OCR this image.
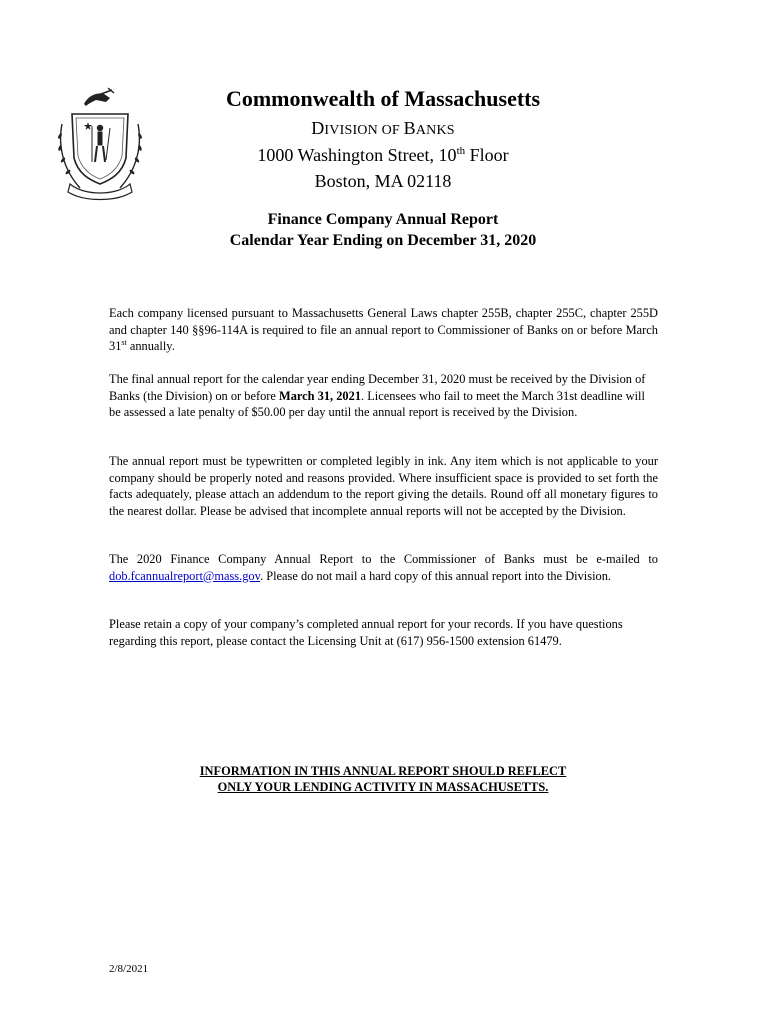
Commonwealth of Massachusetts
DIVISION OF BANKS
1000 Washington Street, 10th Floor
Boston, MA 02118
Finance Company Annual Report
Calendar Year Ending on December 31, 2020

Each company licensed pursuant to Massachusetts General Laws chapter 255B, chapter 255C, chapter 255D and chapter 140 §§96-114A is required to file an annual report to Commissioner of Banks on or before March 31st annually.

The final annual report for the calendar year ending December 31, 2020 must be received by the Division of Banks (the Division) on or before March 31, 2021. Licensees who fail to meet the March 31st deadline will be assessed a late penalty of $50.00 per day until the annual report is received by the Division.

The annual report must be typewritten or completed legibly in ink. Any item which is not applicable to your company should be properly noted and reasons provided. Where insufficient space is provided to set forth the facts adequately, please attach an addendum to the report giving the details. Round off all monetary figures to the nearest dollar. Please be advised that incomplete annual reports will not be accepted by the Division.

The 2020 Finance Company Annual Report to the Commissioner of Banks must be e-mailed to dob.fcannualreport@mass.gov. Please do not mail a hard copy of this annual report into the Division.

Please retain a copy of your company’s completed annual report for your records. If you have questions regarding this report, please contact the Licensing Unit at (617) 956-1500 extension 61479.

INFORMATION IN THIS ANNUAL REPORT SHOULD REFLECT
ONLY YOUR LENDING ACTIVITY IN MASSACHUSETTS.
2/8/2021
